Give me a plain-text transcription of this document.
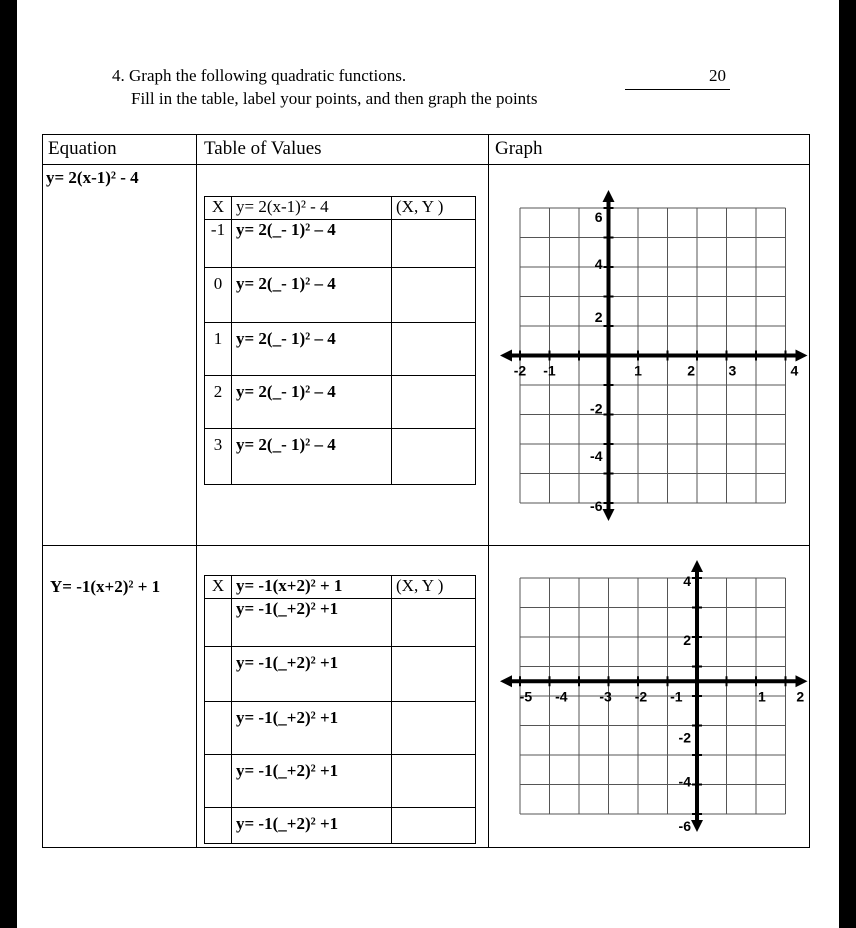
4. Graph the following quadratic functions.
Fill in the table, label your points, and then graph the points
20
Equation	Table of Values	Graph
y= 2(x-1)² - 4
X	y= 2(x-1)² - 4	(X, Y )
-1	y= 2(_- 1)² – 4	
0	y= 2(_- 1)² – 4	
1	y= 2(_- 1)² – 4	
2	y= 2(_- 1)² – 4	
3	y= 2(_- 1)² – 4	
-2 -1	1	2 3	4
6
4
2
-2
-4
-6
Y= -1(x+2)² + 1	X	y= -1(x+2)² + 1	(X, Y )
	y= -1(_+2)² +1	
	y= -1(_+2)² +1	
	y= -1(_+2)² +1	
	y= -1(_+2)² +1	
	y= -1(_+2)² +1	
-5 -4 -3 -2 -1	1 2
4
2
-2
-4
-6
